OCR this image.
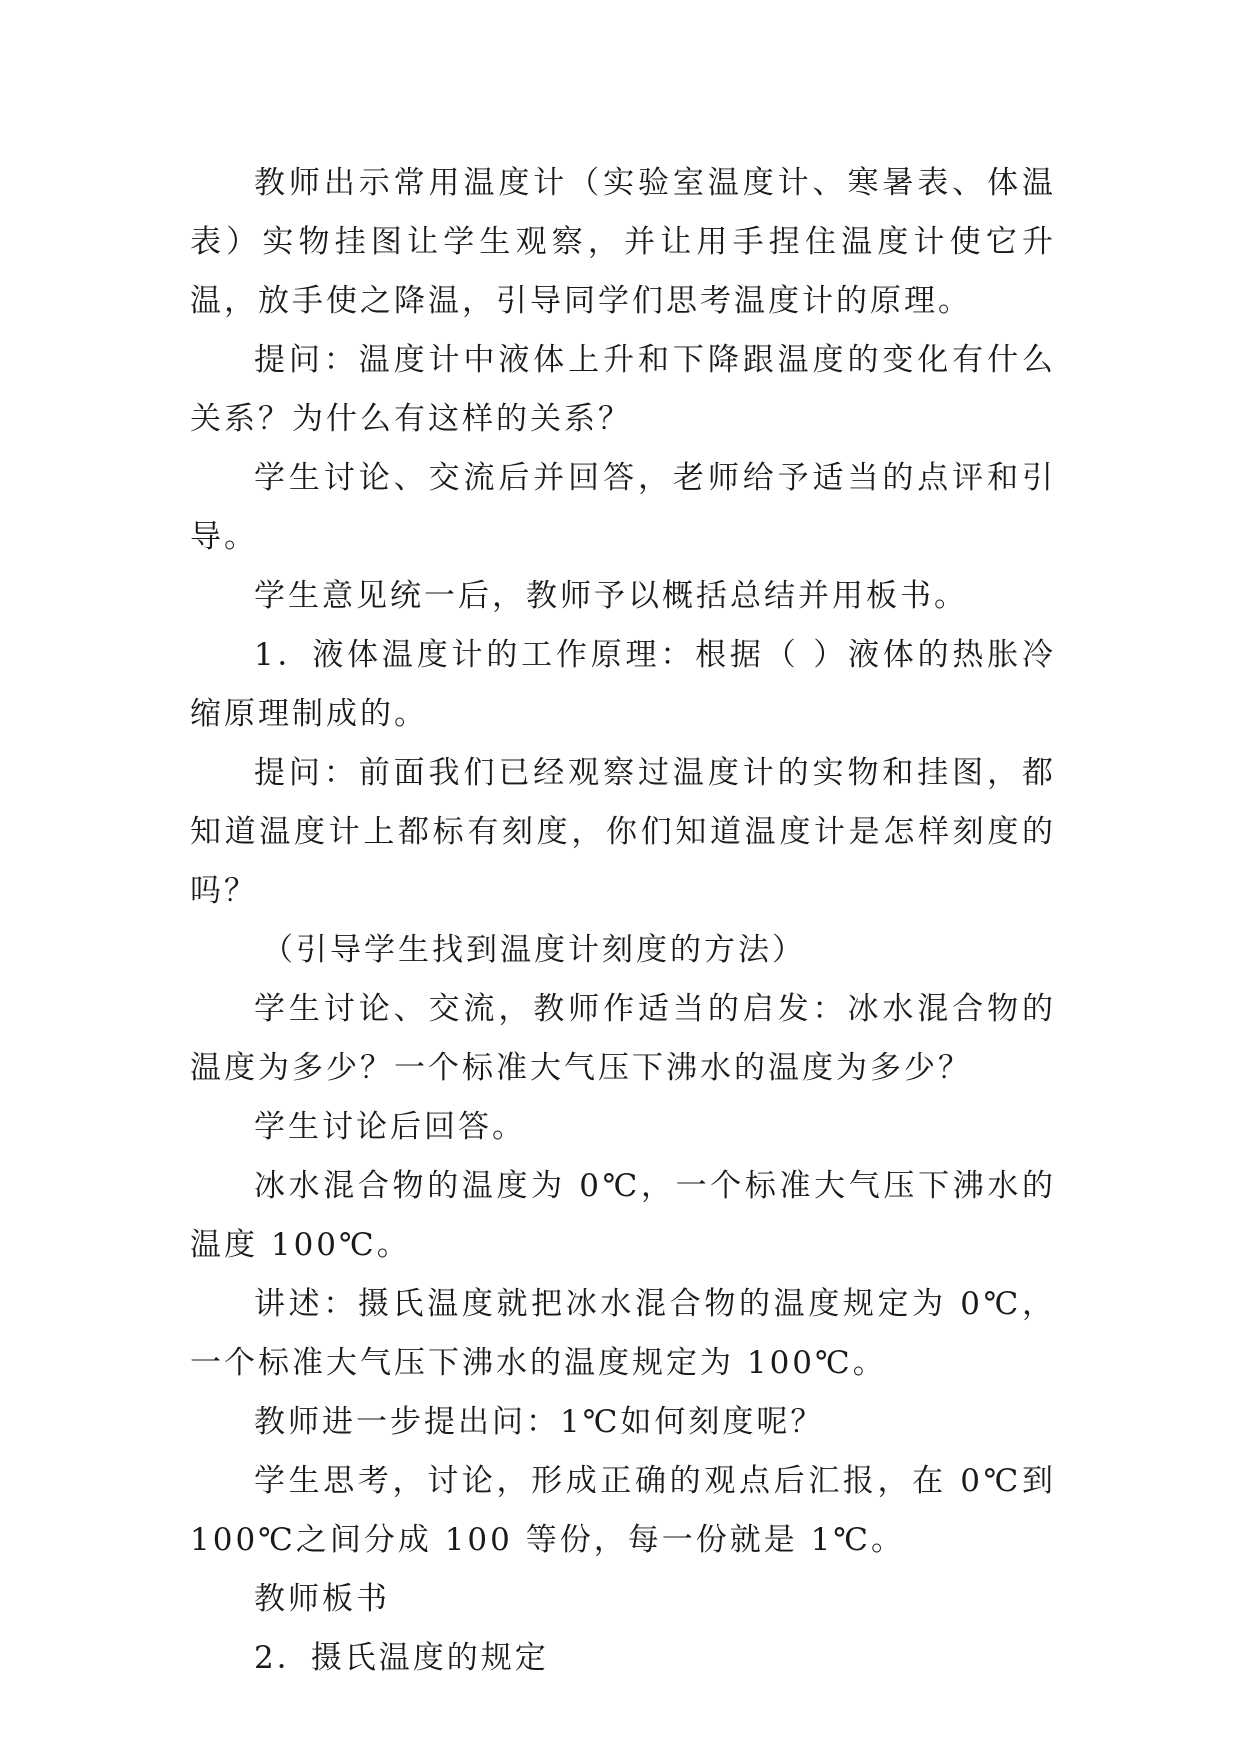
教师出示常用温度计（实验室温度计、寒暑表、体温表）实物挂图让学生观察，并让用手捏住温度计使它升温，放手使之降温，引导同学们思考温度计的原理。

提问：温度计中液体上升和下降跟温度的变化有什么关系？为什么有这样的关系？

学生讨论、交流后并回答，老师给予适当的点评和引导。

学生意见统一后，教师予以概括总结并用板书。

1．液体温度计的工作原理：根据（ ）液体的热胀冷缩原理制成的。

提问：前面我们已经观察过温度计的实物和挂图，都知道温度计上都标有刻度，你们知道温度计是怎样刻度的吗？

（引导学生找到温度计刻度的方法）

学生讨论、交流，教师作适当的启发：冰水混合物的温度为多少？一个标准大气压下沸水的温度为多少？

学生讨论后回答。

冰水混合物的温度为 0℃，一个标准大气压下沸水的温度 100℃。

讲述：摄氏温度就把冰水混合物的温度规定为 0℃，一个标准大气压下沸水的温度规定为 100℃。

教师进一步提出问：1℃如何刻度呢？

学生思考，讨论，形成正确的观点后汇报，在 0℃到 100℃之间分成 100 等份，每一份就是 1℃。

教师板书

2．摄氏温度的规定
